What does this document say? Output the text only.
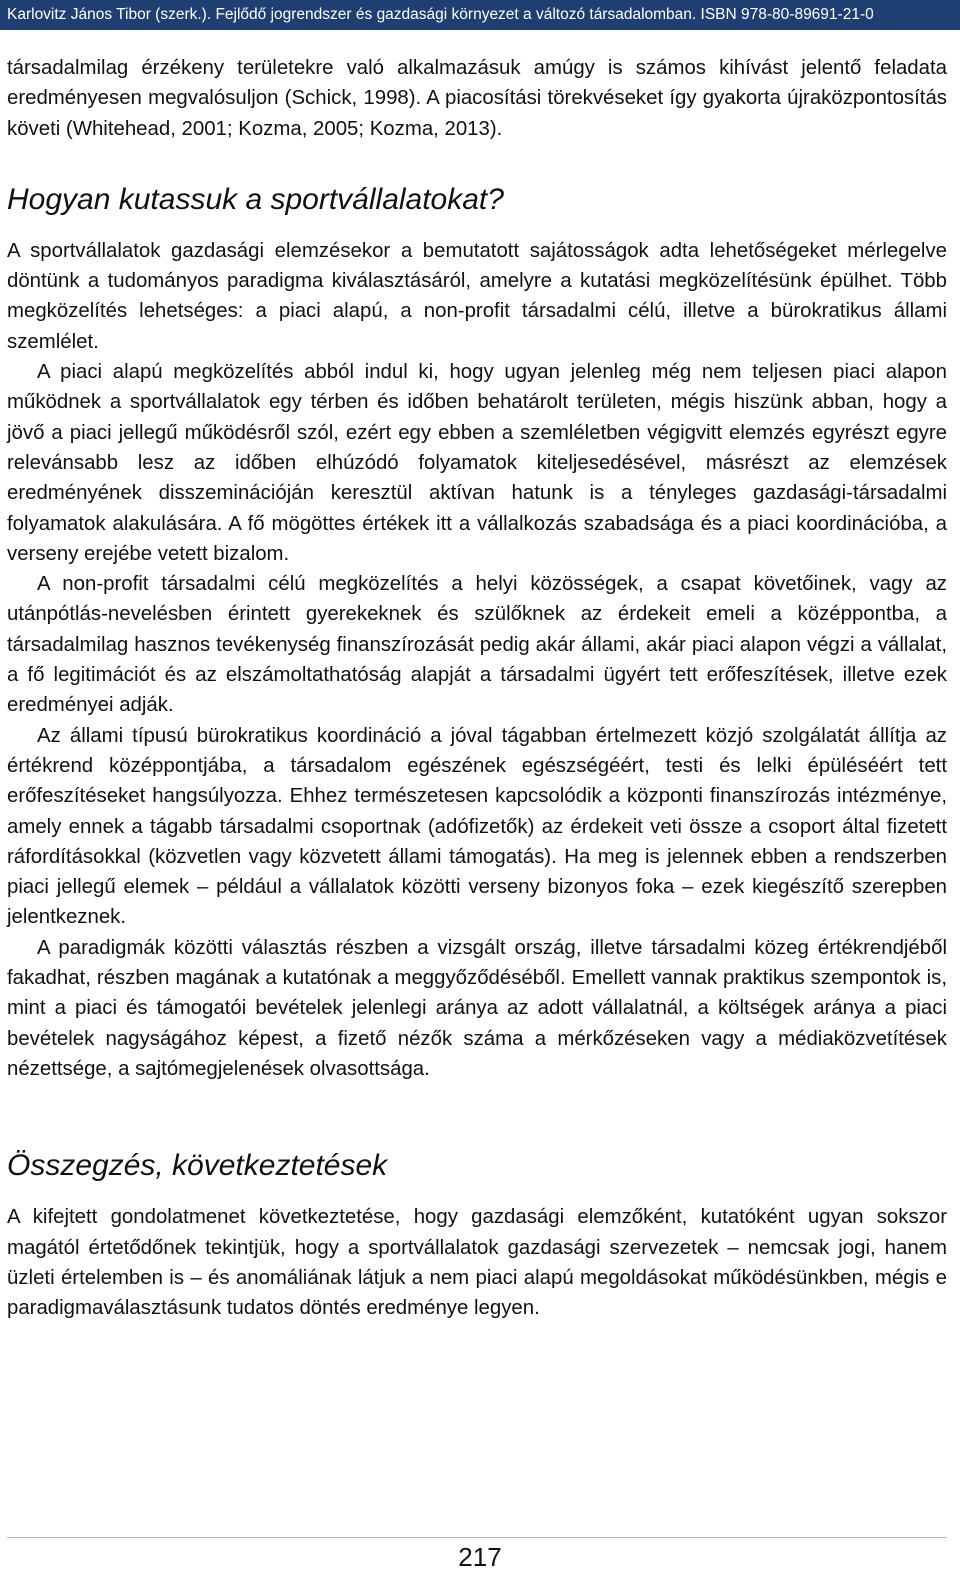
Karlovitz János Tibor (szerk.). Fejlődő jogrendszer és gazdasági környezet a változó társadalomban. ISBN 978-80-89691-21-0

társadalmilag érzékeny területekre való alkalmazásuk amúgy is számos kihívást jelentő feladata eredményesen megvalósuljon (Schick, 1998). A piacosítási törekvéseket így gyakorta újraközpontosítás követi (Whitehead, 2001; Kozma, 2005; Kozma, 2013).

Hogyan kutassuk a sportvállalatokat?

A sportvállalatok gazdasági elemzésekor a bemutatott sajátosságok adta lehetőségeket mérlegelve döntünk a tudományos paradigma kiválasztásáról, amelyre a kutatási megközelítésünk épülhet. Több megközelítés lehetséges: a piaci alapú, a non-profit társadalmi célú, illetve a bürokratikus állami szemlélet.

A piaci alapú megközelítés abból indul ki, hogy ugyan jelenleg még nem teljesen piaci alapon működnek a sportvállalatok egy térben és időben behatárolt területen, mégis hiszünk abban, hogy a jövő a piaci jellegű működésről szól, ezért egy ebben a szemléletben végigvitt elemzés egyrészt egyre relevánsabb lesz az időben elhúzódó folyamatok kiteljesedésével, másrészt az elemzések eredményének disszeminációján keresztül aktívan hatunk is a tényleges gazdasági-társadalmi folyamatok alakulására. A fő mögöttes értékek itt a vállalkozás szabadsága és a piaci koordinációba, a verseny erejébe vetett bizalom.

A non-profit társadalmi célú megközelítés a helyi közösségek, a csapat követőinek, vagy az utánpótlás-nevelésben érintett gyerekeknek és szülőknek az érdekeit emeli a középpontba, a társadalmilag hasznos tevékenység finanszírozását pedig akár állami, akár piaci alapon végzi a vállalat, a fő legitimációt és az elszámoltathatóság alapját a társadalmi ügyért tett erőfeszítések, illetve ezek eredményei adják.

Az állami típusú bürokratikus koordináció a jóval tágabban értelmezett közjó szolgálatát állítja az értékrend középpontjába, a társadalom egészének egészségéért, testi és lelki épüléséért tett erőfeszítéseket hangsúlyozza. Ehhez természetesen kapcsolódik a központi finanszírozás intézménye, amely ennek a tágabb társadalmi csoportnak (adófizetők) az érdekeit veti össze a csoport által fizetett ráfordításokkal (közvetlen vagy közvetett állami támogatás). Ha meg is jelennek ebben a rendszerben piaci jellegű elemek – például a vállalatok közötti verseny bizonyos foka – ezek kiegészítő szerepben jelentkeznek.

A paradigmák közötti választás részben a vizsgált ország, illetve társadalmi közeg értékrendjéből fakadhat, részben magának a kutatónak a meggyőződéséből. Emellett vannak praktikus szempontok is, mint a piaci és támogatói bevételek jelenlegi aránya az adott vállalatnál, a költségek aránya a piaci bevételek nagyságához képest, a fizető nézők száma a mérkőzéseken vagy a médiaközvetítések nézettsége, a sajtómegjelenések olvasottsága.

Összegzés, következtetések

A kifejtett gondolatmenet következtetése, hogy gazdasági elemzőként, kutatóként ugyan sokszor magától értetődőnek tekintjük, hogy a sportvállalatok gazdasági szervezetek – nemcsak jogi, hanem üzleti értelemben is – és anomáliának látjuk a nem piaci alapú megoldásokat működésünkben, mégis e paradigmaválasztásunk tudatos döntés eredménye legyen.

217
